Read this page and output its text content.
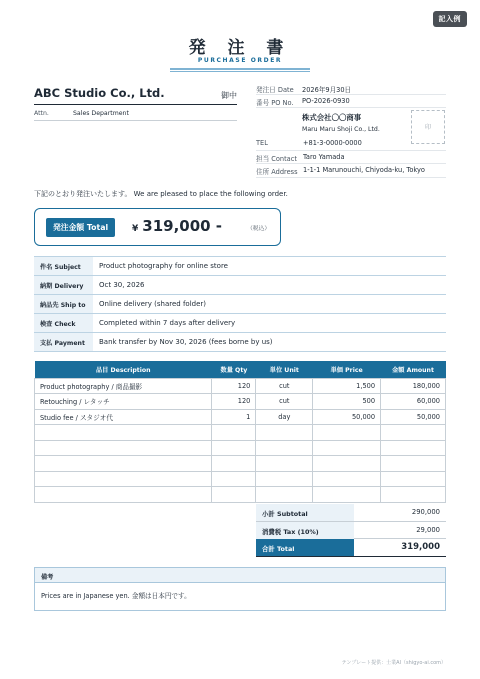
記入例
発 注 書
PURCHASE ORDER
ABC Studio Co., Ltd.	御中
Attn.	Sales Department
発注日 Date 2026年9月30日
番号 PO No. PO-2026-0930
株式会社〇〇商事
Maru Maru Shoji Co., Ltd.	印
TEL	+81-3-0000-0000
担当 Contact Taro Yamada
住所 Address 1-1-1 Marunouchi, Chiyoda-ku, Tokyo
下記のとおり発注いたします。 We are pleased to place the following order.
発注金額 Total	¥ 319,000 -	（税込）
件名 Subject	Product photography for online store
納期 Delivery	Oct 30, 2026
納品先 Ship to	Online delivery (shared folder)
検査 Check	Completed within 7 days after delivery
支払 Payment	Bank transfer by Nov 30, 2026 (fees borne by us)
品目 Description	数量 Qty	単位 Unit	単価 Price	金額 Amount
Product photography / 商品撮影	120	cut	1,500	180,000
Retouching / レタッチ	120	cut	500	60,000
Studio fee / スタジオ代	1	day	50,000	50,000

小計 Subtotal	290,000
消費税 Tax (10%)	29,000
合計 Total	319,000
備考
Prices are in Japanese yen. 金額は日本円です。
テンプレート提供：士業AI（shigyo-ai.com）
